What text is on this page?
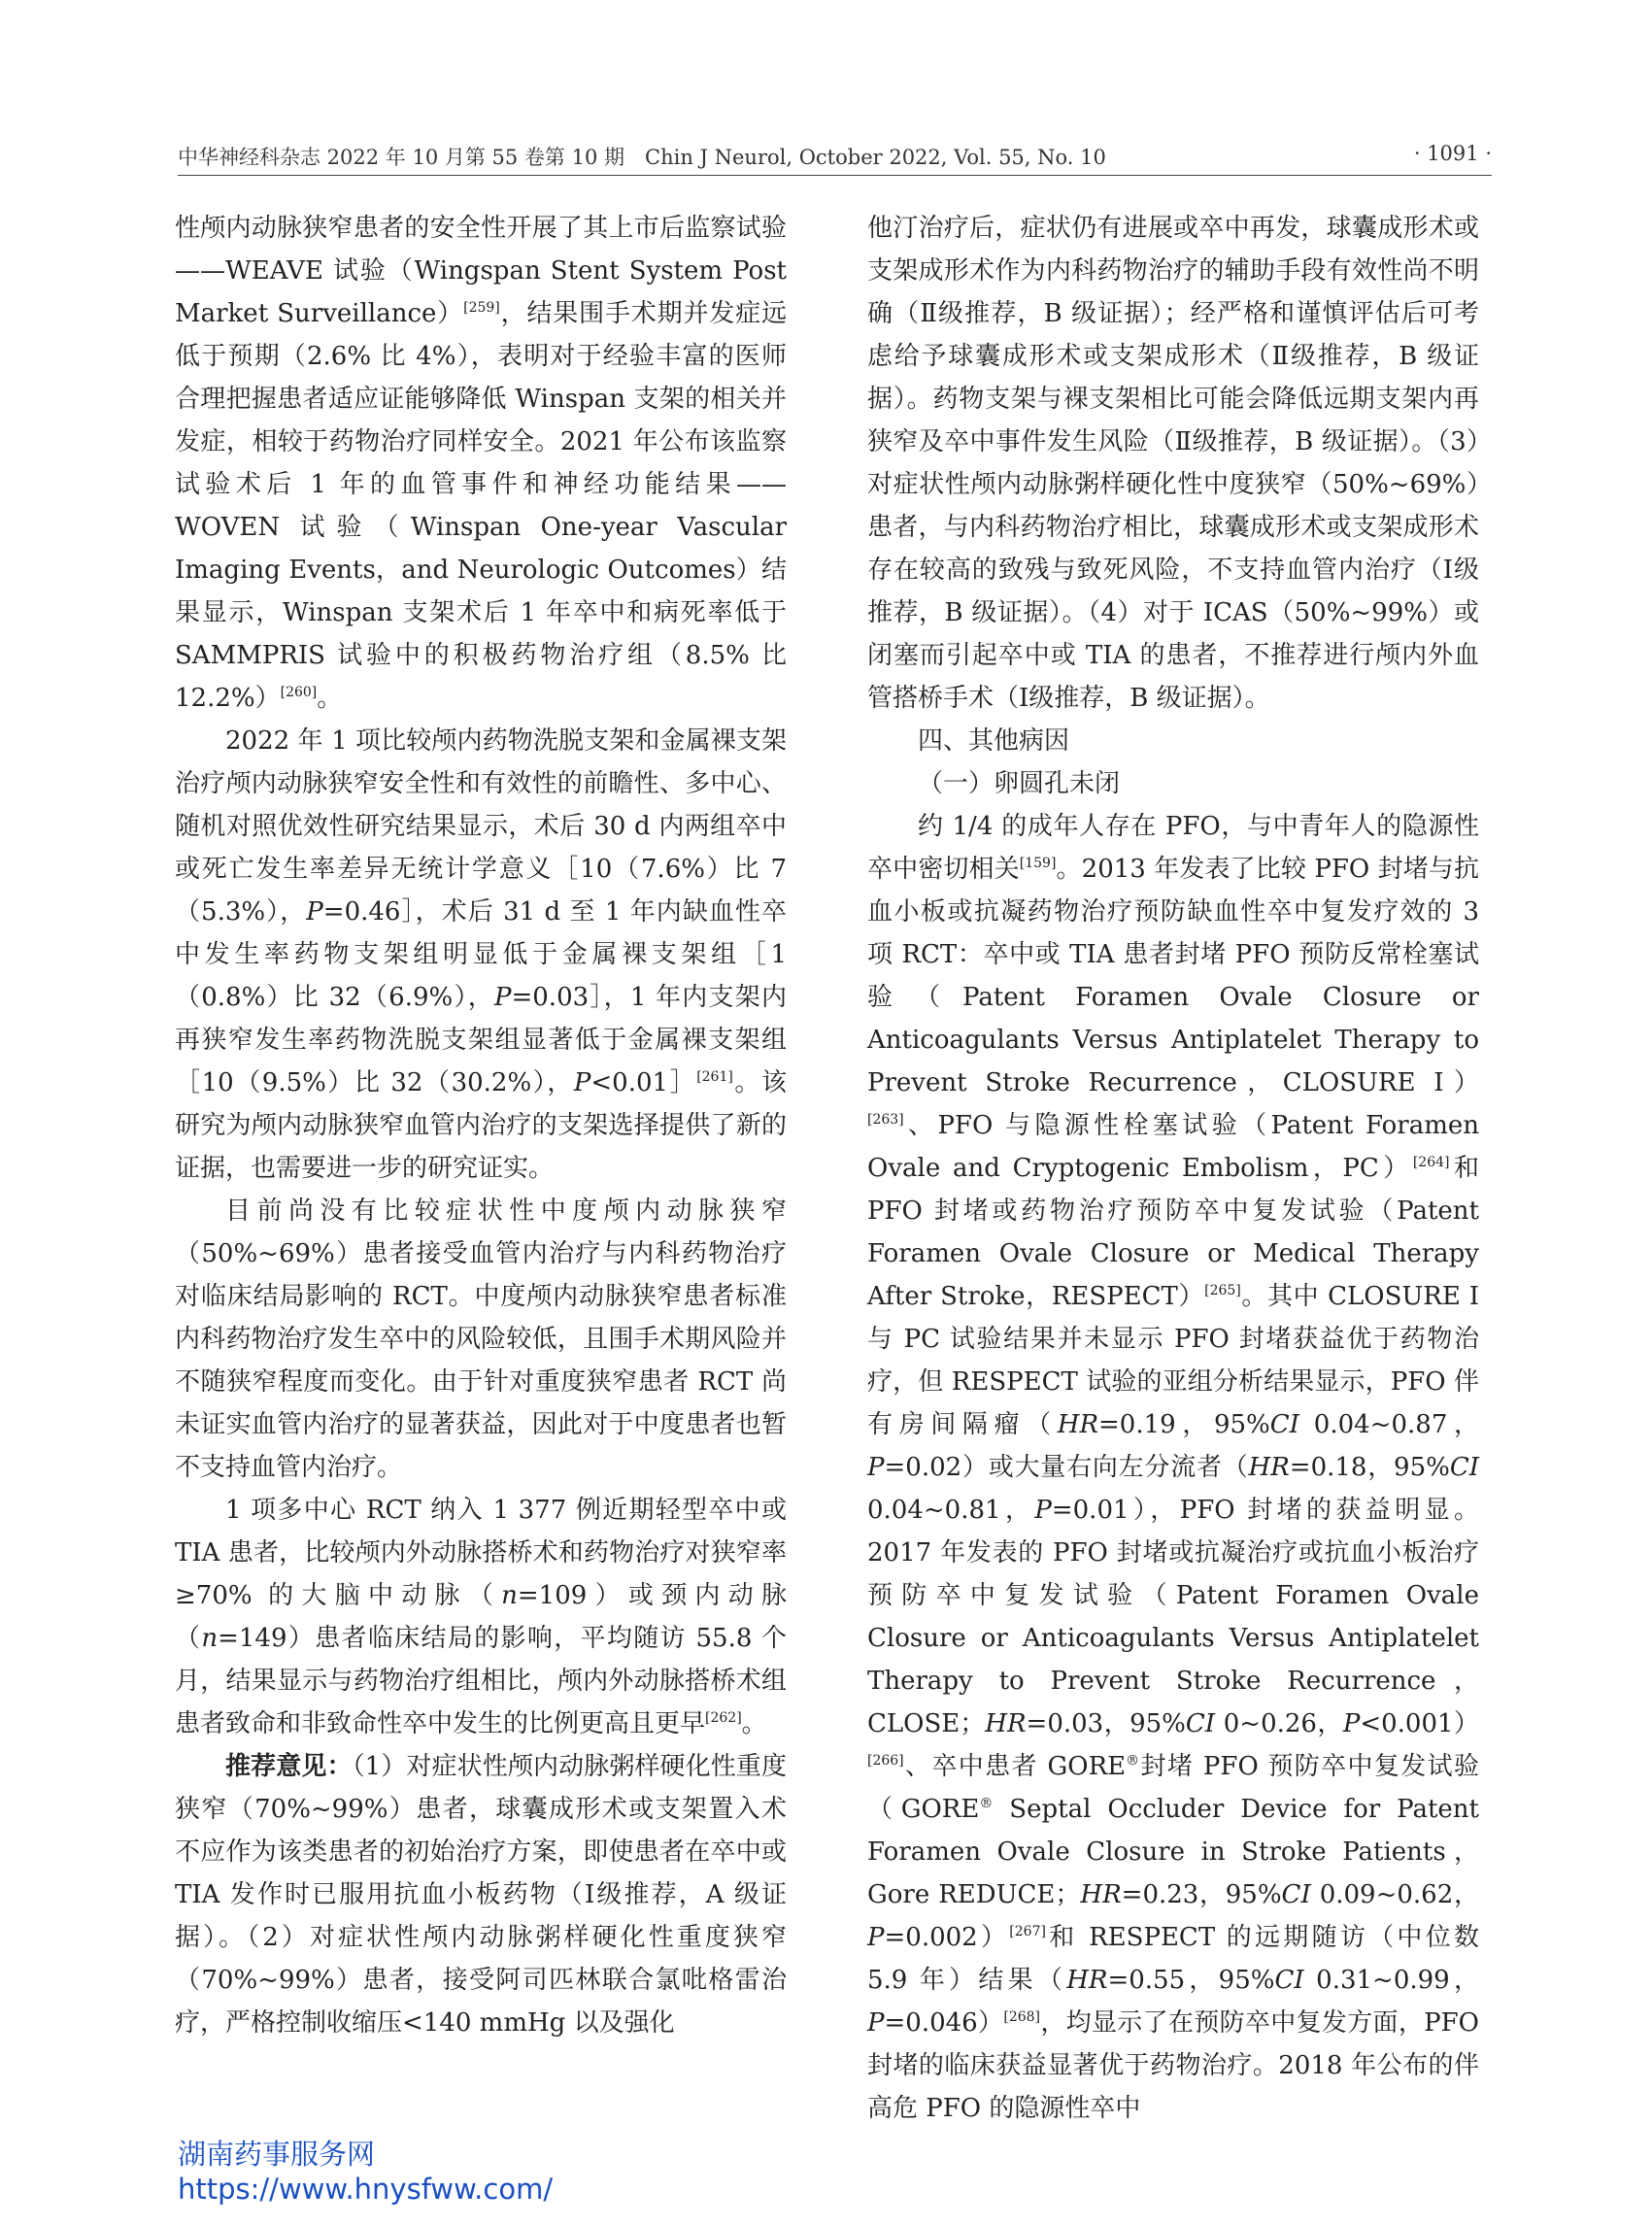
中华神经科杂志 2022 年 10 月第 55 卷第 10 期　Chin J Neurol, October 2022, Vol. 55, No. 10	· 1091 ·

性颅内动脉狭窄患者的安全性开展了其上市后监察试验——WEAVE 试验（Wingspan Stent System Post Market Surveillance）[259]，结果围手术期并发症远低于预期（2.6% 比 4%），表明对于经验丰富的医师合理把握患者适应证能够降低 Winspan 支架的相关并发症，相较于药物治疗同样安全。2021 年公布该监察试验术后 1 年的血管事件和神经功能结果——WOVEN 试验（Winspan One-year Vascular Imaging Events，and Neurologic Outcomes）结果显示，Winspan 支架术后 1 年卒中和病死率低于 SAMMPRIS 试验中的积极药物治疗组（8.5% 比 12.2%）[260]。

2022 年 1 项比较颅内药物洗脱支架和金属裸支架治疗颅内动脉狭窄安全性和有效性的前瞻性、多中心、随机对照优效性研究结果显示，术后 30 d 内两组卒中或死亡发生率差异无统计学意义［10（7.6%）比 7（5.3%），P=0.46］，术后 31 d 至 1 年内缺血性卒中发生率药物支架组明显低于金属裸支架组［1（0.8%）比 32（6.9%），P=0.03］，1 年内支架内再狭窄发生率药物洗脱支架组显著低于金属裸支架组［10（9.5%）比 32（30.2%），P<0.01］[261]。该研究为颅内动脉狭窄血管内治疗的支架选择提供了新的证据，也需要进一步的研究证实。

目前尚没有比较症状性中度颅内动脉狭窄（50%~69%）患者接受血管内治疗与内科药物治疗对临床结局影响的 RCT。中度颅内动脉狭窄患者标准内科药物治疗发生卒中的风险较低，且围手术期风险并不随狭窄程度而变化。由于针对重度狭窄患者 RCT 尚未证实血管内治疗的显著获益，因此对于中度患者也暂不支持血管内治疗。

1 项多中心 RCT 纳入 1 377 例近期轻型卒中或 TIA 患者，比较颅内外动脉搭桥术和药物治疗对狭窄率≥70% 的大脑中动脉（n=109）或颈内动脉（n=149）患者临床结局的影响，平均随访 55.8 个月，结果显示与药物治疗组相比，颅内外动脉搭桥术组患者致命和非致命性卒中发生的比例更高且更早[262]。

推荐意见：（1）对症状性颅内动脉粥样硬化性重度狭窄（70%~99%）患者，球囊成形术或支架置入术不应作为该类患者的初始治疗方案，即使患者在卒中或 TIA 发作时已服用抗血小板药物（Ⅰ级推荐，A 级证据）。（2）对症状性颅内动脉粥样硬化性重度狭窄（70%~99%）患者，接受阿司匹林联合氯吡格雷治疗，严格控制收缩压<140 mmHg 以及强化

他汀治疗后，症状仍有进展或卒中再发，球囊成形术或支架成形术作为内科药物治疗的辅助手段有效性尚不明确（Ⅱ级推荐，B 级证据）；经严格和谨慎评估后可考虑给予球囊成形术或支架成形术（Ⅱ级推荐，B 级证据）。药物支架与裸支架相比可能会降低远期支架内再狭窄及卒中事件发生风险（Ⅱ级推荐，B 级证据）。（3）对症状性颅内动脉粥样硬化性中度狭窄（50%~69%）患者，与内科药物治疗相比，球囊成形术或支架成形术存在较高的致残与致死风险，不支持血管内治疗（Ⅰ级推荐，B 级证据）。（4）对于 ICAS（50%~99%）或闭塞而引起卒中或 TIA 的患者，不推荐进行颅内外血管搭桥手术（Ⅰ级推荐，B 级证据）。

四、其他病因

（一）卵圆孔未闭

约 1/4 的成年人存在 PFO，与中青年人的隐源性卒中密切相关[159]。2013 年发表了比较 PFO 封堵与抗血小板或抗凝药物治疗预防缺血性卒中复发疗效的 3 项 RCT：卒中或 TIA 患者封堵 PFO 预防反常栓塞试验（Patent Foramen Ovale Closure or Anticoagulants Versus Antiplatelet Therapy to Prevent Stroke Recurrence，CLOSURE Ⅰ）[263]、PFO 与隐源性栓塞试验（Patent Foramen Ovale and Cryptogenic Embolism，PC）[264]和 PFO 封堵或药物治疗预防卒中复发试验（Patent Foramen Ovale Closure or Medical Therapy After Stroke，RESPECT）[265]。其中 CLOSURE Ⅰ与 PC 试验结果并未显示 PFO 封堵获益优于药物治疗，但 RESPECT 试验的亚组分析结果显示，PFO 伴有房间隔瘤（HR=0.19，95%CI 0.04~0.87，P=0.02）或大量右向左分流者（HR=0.18，95%CI 0.04~0.81，P=0.01），PFO 封堵的获益明显。2017 年发表的 PFO 封堵或抗凝治疗或抗血小板治疗预防卒中复发试验（Patent Foramen Ovale Closure or Anticoagulants Versus Antiplatelet Therapy to Prevent Stroke Recurrence，CLOSE；HR=0.03，95%CI 0~0.26，P<0.001）[266]、卒中患者 GORE®封堵 PFO 预防卒中复发试验（GORE® Septal Occluder Device for Patent Foramen Ovale Closure in Stroke Patients，Gore REDUCE；HR=0.23，95%CI 0.09~0.62，P=0.002）[267]和 RESPECT 的远期随访（中位数 5.9 年）结果（HR=0.55，95%CI 0.31~0.99，P=0.046）[268]，均显示了在预防卒中复发方面，PFO 封堵的临床获益显著优于药物治疗。2018 年公布的伴高危 PFO 的隐源性卒中

湖南药事服务网
https://www.hnysfww.com/
